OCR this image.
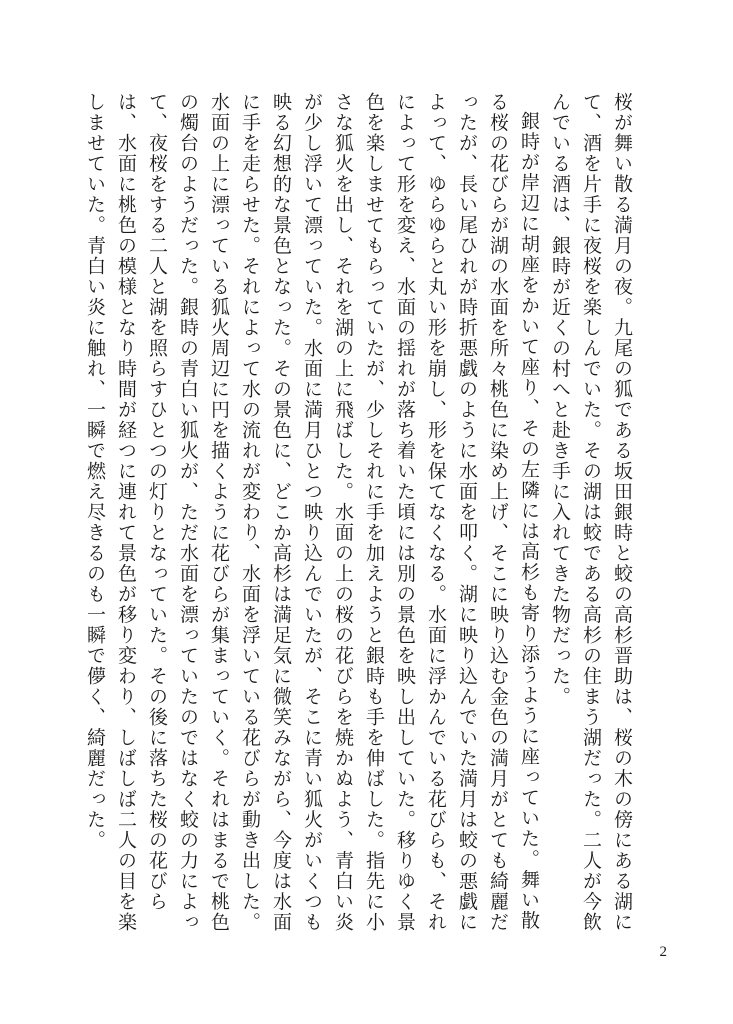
桜が舞い散る満月の夜。九尾の狐である坂田銀時と蛟の高杉晋助は、桜の木の傍にある湖にて、酒を片手に夜桜を楽しんでいた。その湖は蛟である高杉の住まう湖だった。二人が今飲んでいる酒は、銀時が近くの村へと赴き手に入れてきた物だった。

銀時が岸辺に胡座をかいて座り、その左隣には高杉も寄り添うように座っていた。舞い散る桜の花びらが湖の水面を所々桃色に染め上げ、そこに映り込む金色の満月がとても綺麗だったが、長い尾ひれが時折悪戯のように水面を叩く。湖に映り込んでいた満月は蛟の悪戯によって、ゆらゆらと丸い形を崩し、形を保てなくなる。水面に浮かんでいる花びらも、それによって形を変え、水面の揺れが落ち着いた頃には別の景色を映し出していた。移りゆく景色を楽しませてもらっていたが、少しそれに手を加えようと銀時も手を伸ばした。指先に小さな狐火を出し、それを湖の上に飛ばした。水面の上の桜の花びらを焼かぬよう、青白い炎が少し浮いて漂っていた。水面に満月ひとつ映り込んでいたが、そこに青い狐火がいくつも映る幻想的な景色となった。その景色に、どこか高杉は満足気に微笑みながら、今度は水面に手を走らせた。それによって水の流れが変わり、水面を浮いている花びらが動き出した。水面の上に漂っている狐火周辺に円を描くように花びらが集まっていく。それはまるで桃色の燭台のようだった。銀時の青白い狐火が、ただ水面を漂っていたのではなく蛟の力によって、夜桜をする二人と湖を照らすひとつの灯りとなっていた。その後に落ちた桜の花びらは、水面に桃色の模様となり時間が経つに連れて景色が移り変わり、しばしば二人の目を楽しませていた。青白い炎に触れ、一瞬で燃え尽きるのも一瞬で儚く、綺麗だった。

2
